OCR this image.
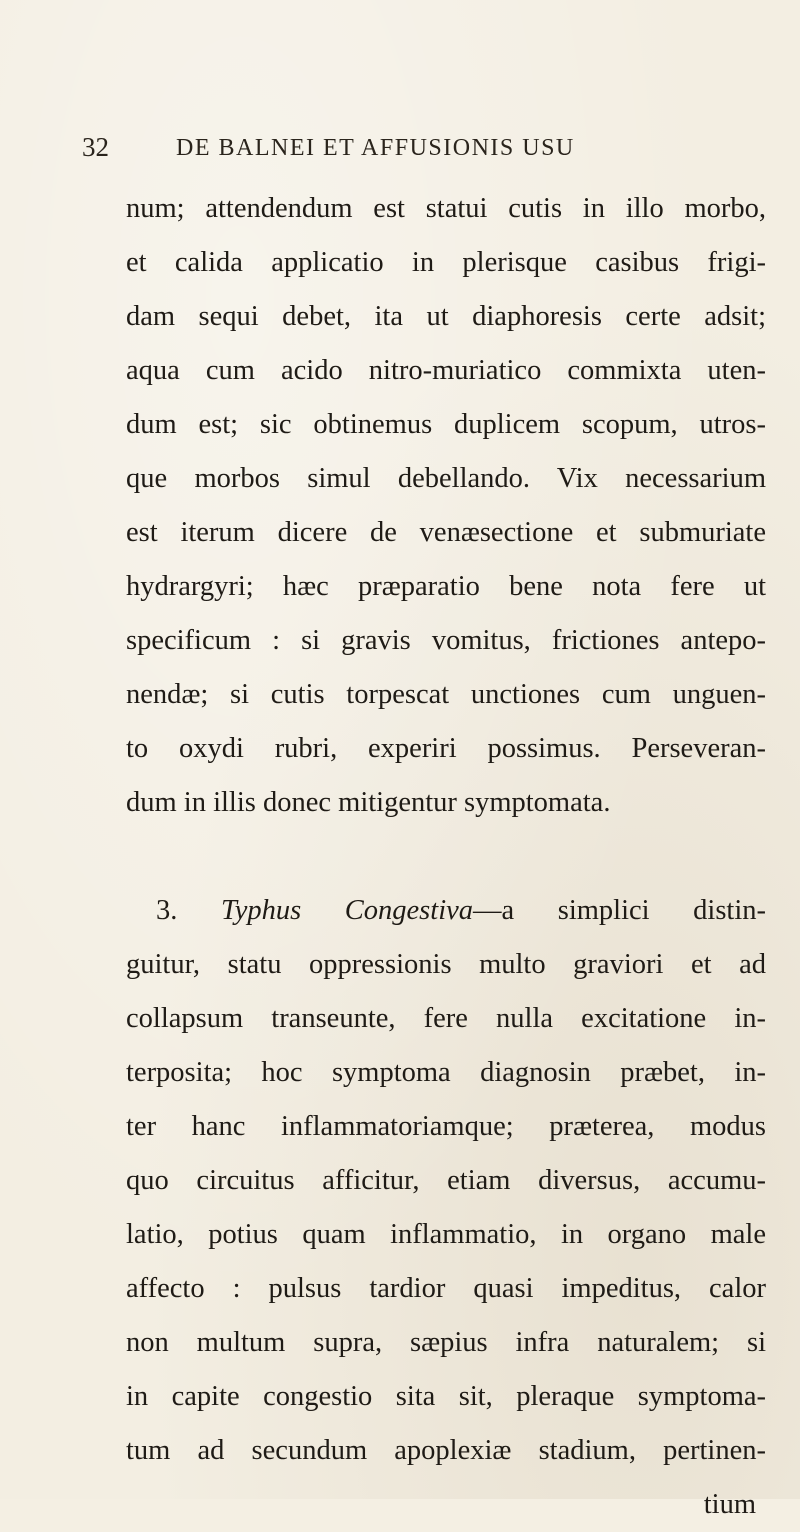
32	DE BALNEI ET AFFUSIONIS USU
num; attendendum est statui cutis in illo morbo,
et calida applicatio in plerisque casibus frigi-
dam sequi debet, ita ut diaphoresis certe adsit;
aqua cum acido nitro-muriatico commixta uten-
dum est; sic obtinemus duplicem scopum, utros-
que morbos simul debellando. Vix necessarium
est iterum dicere de venæsectione et submuriate
hydrargyri; hæc præparatio bene nota fere ut
specificum : si gravis vomitus, frictiones antepo-
nendæ; si cutis torpescat unctiones cum unguen-
to oxydi rubri, experiri possimus. Perseveran-
dum in illis donec mitigentur symptomata.
3. Typhus Congestiva—a simplici distin-
guitur, statu oppressionis multo graviori et ad
collapsum transeunte, fere nulla excitatione in-
terposita; hoc symptoma diagnosin præbet, in-
ter hanc inflammatoriamque; præterea, modus
quo circuitus afficitur, etiam diversus, accumu-
latio, potius quam inflammatio, in organo male
affecto : pulsus tardior quasi impeditus, calor
non multum supra, sæpius infra naturalem; si
in capite congestio sita sit, pleraque symptoma-
tum ad secundum apoplexiæ stadium, pertinen-
tium
